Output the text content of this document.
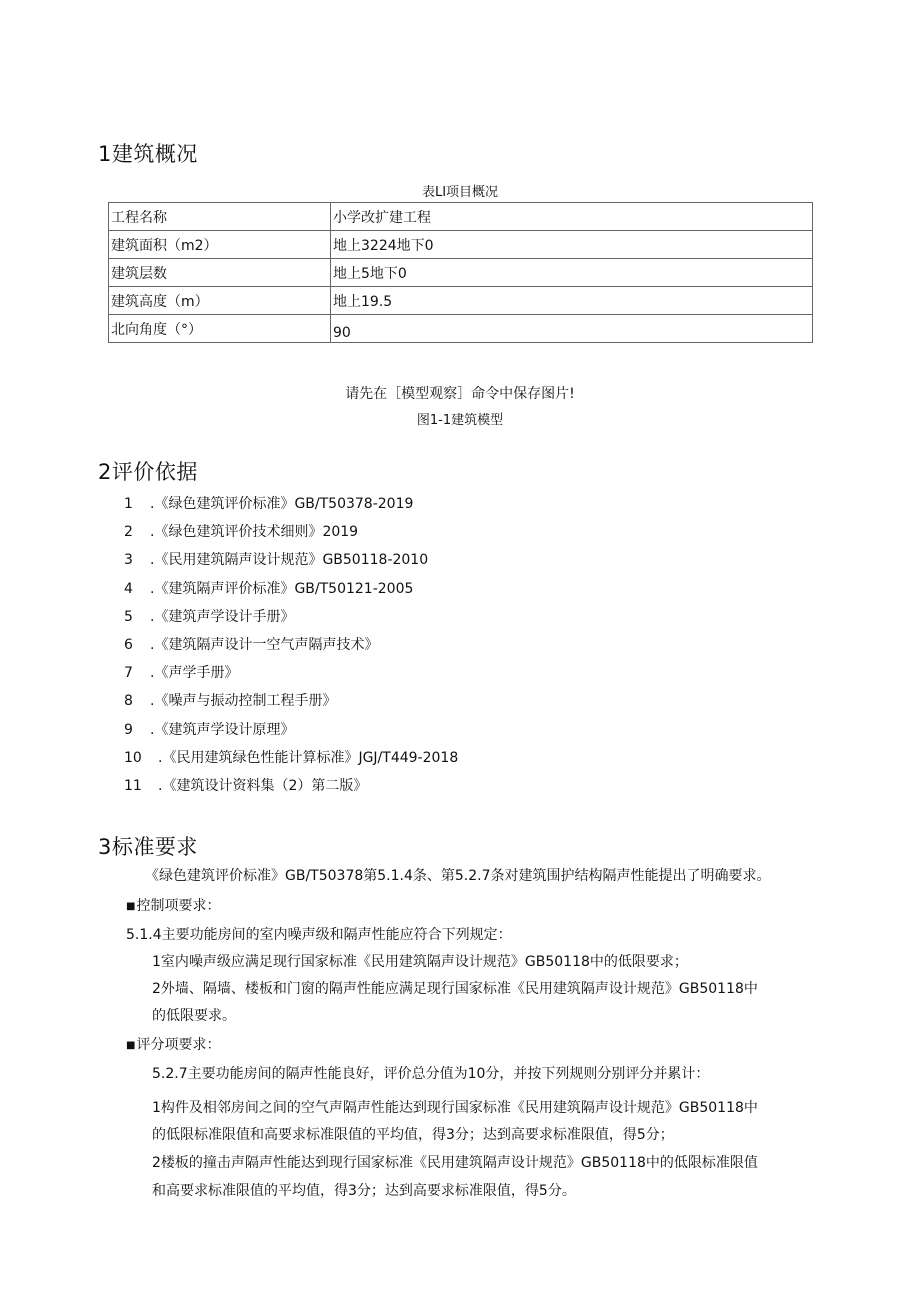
1建筑概况
表LI项目概况
工程名称	小学改扩建工程
建筑面积（m2）	地上3224地下0
建筑层数	地上5地下0
建筑高度（m）	地上19.5
北向角度（°）	90
请先在［模型观察］命令中保存图片!
图1-1建筑模型
2评价依据
1 .《绿色建筑评价标准》GB/T50378-2019
2 .《绿色建筑评价技术细则》2019
3 .《民用建筑隔声设计规范》GB50118-2010
4 .《建筑隔声评价标准》GB/T50121-2005
5 .《建筑声学设计手册》
6 .《建筑隔声设计一空气声隔声技术》
7 .《声学手册》
8 .《噪声与振动控制工程手册》
9 .《建筑声学设计原理》
10 .《民用建筑绿色性能计算标准》JGJ/T449-2018
11 .《建筑设计资料集（2）第二版》
3标准要求
《绿色建筑评价标准》GB/T50378第5.1.4条、第5.2.7条对建筑围护结构隔声性能提出了明确要求。
■控制项要求：
5.1.4主要功能房间的室内噪声级和隔声性能应符合下列规定：
1室内噪声级应满足现行国家标准《民用建筑隔声设计规范》GB50118中的低限要求；
2外墙、隔墙、楼板和门窗的隔声性能应满足现行国家标准《民用建筑隔声设计规范》GB50118中
的低限要求。
■评分项要求：
5.2.7主要功能房间的隔声性能良好，评价总分值为10分，并按下列规则分别评分并累计：
1构件及相邻房间之间的空气声隔声性能达到现行国家标准《民用建筑隔声设计规范》GB50118中
的低限标准限值和高要求标准限值的平均值，得3分；达到高要求标准限值，得5分；
2楼板的撞击声隔声性能达到现行国家标准《民用建筑隔声设计规范》GB50118中的低限标准限值
和高要求标准限值的平均值，得3分；达到高要求标准限值，得5分。
